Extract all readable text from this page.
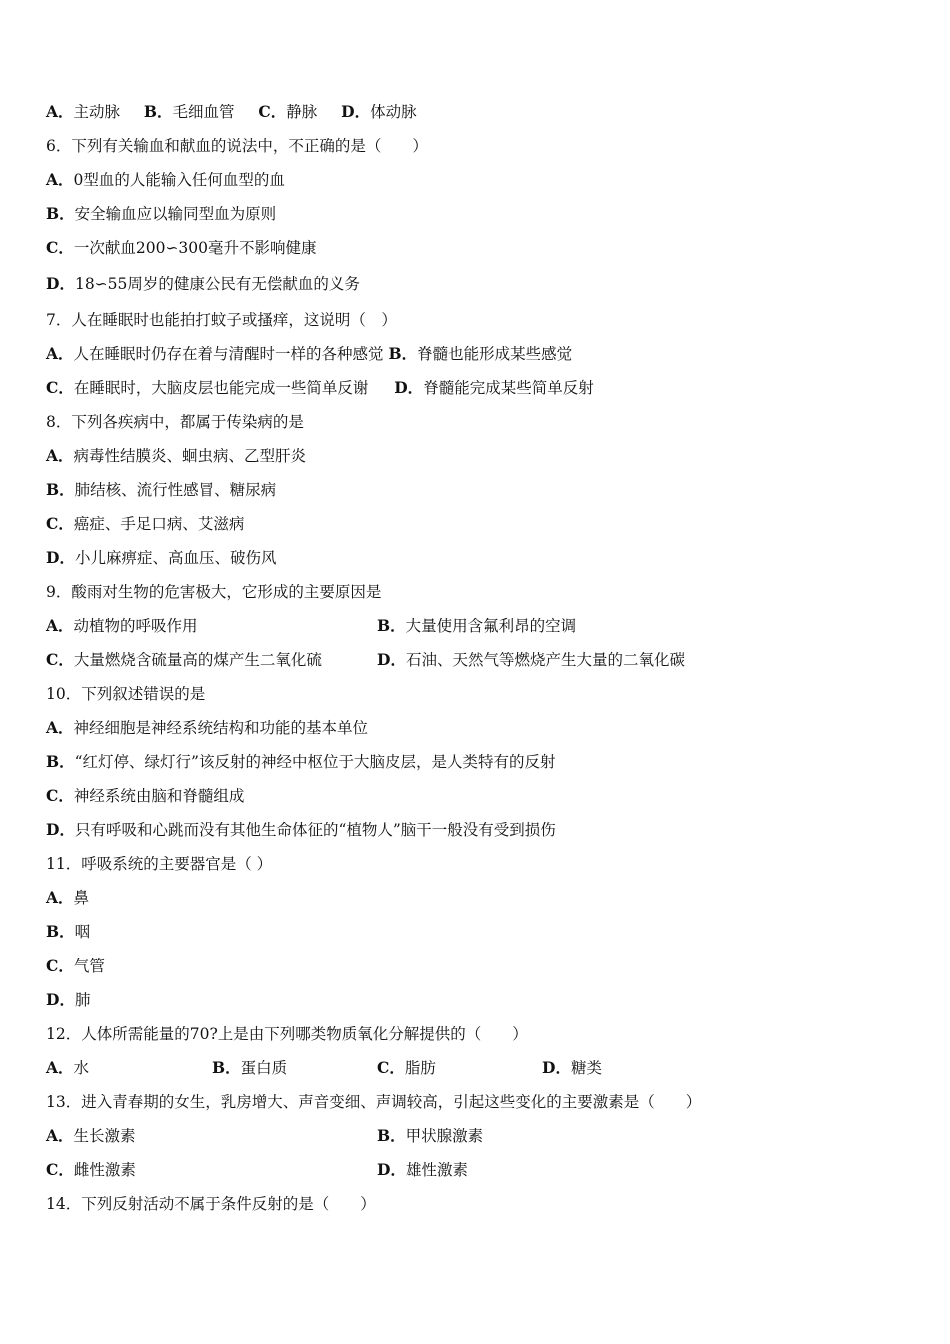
A．主动脉 B．毛细血管 C．静脉 D．体动脉
6．下列有关输血和献血的说法中，不正确的是（　　）
A．0型血的人能输入任何血型的血
B．安全输血应以输同型血为原则
C．一次献血200∽300毫升不影响健康
D．18∽55周岁的健康公民有无偿献血的义务
7．人在睡眠时也能拍打蚊子或搔痒，这说明（　）
A．人在睡眠时仍存在着与清醒时一样的各种感觉 B．脊髓也能形成某些感觉
C．在睡眠时，大脑皮层也能完成一些简单反谢 D．脊髓能完成某些简单反射
8．下列各疾病中，都属于传染病的是
A．病毒性结膜炎、蛔虫病、乙型肝炎
B．肺结核、流行性感冒、糖尿病
C．癌症、手足口病、艾滋病
D．小儿麻痹症、高血压、破伤风
9．酸雨对生物的危害极大，它形成的主要原因是
A．动植物的呼吸作用	B．大量使用含氟利昂的空调
C．大量燃烧含硫量高的煤产生二氧化硫	D．石油、天然气等燃烧产生大量的二氧化碳
10．下列叙述错误的是
A．神经细胞是神经系统结构和功能的基本单位
B．“红灯停、绿灯行”该反射的神经中枢位于大脑皮层，是人类特有的反射
C．神经系统由脑和脊髓组成
D．只有呼吸和心跳而没有其他生命体征的“植物人”脑干一般没有受到损伤
11．呼吸系统的主要器官是（ ）
A．鼻
B．咽
C．气管
D．肺
12．人体所需能量的70?上是由下列哪类物质氧化分解提供的（　　）
A．水	B．蛋白质	C．脂肪	D．糖类
13．进入青春期的女生，乳房增大、声音变细、声调较高，引起这些变化的主要激素是（　　）
A．生长激素	B．甲状腺激素
C．雌性激素	D．雄性激素
14．下列反射活动不属于条件反射的是（　　）
